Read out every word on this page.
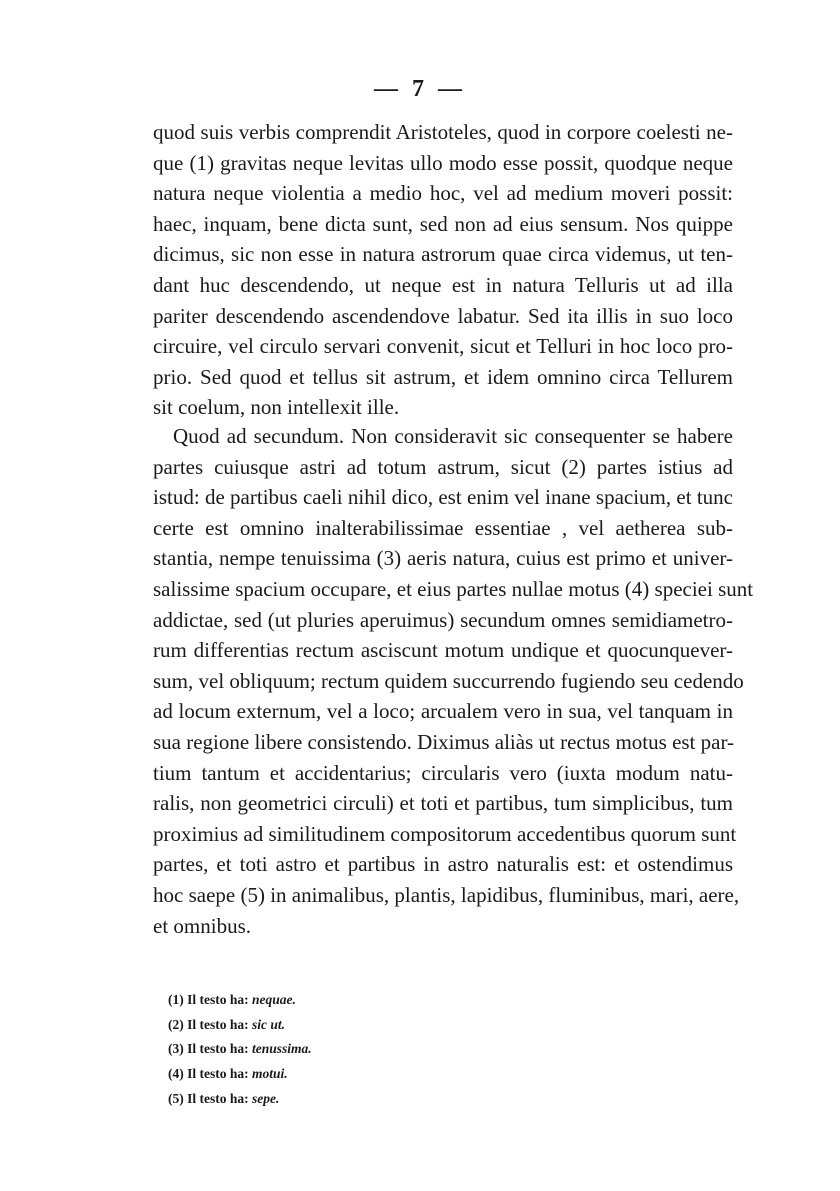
— 7 —
quod suis verbis comprendit Aristoteles, quod in corpore coelesti ne-
que (1) gravitas neque levitas ullo modo esse possit, quodque neque
natura neque violentia a medio hoc, vel ad medium moveri possit:
haec, inquam, bene dicta sunt, sed non ad eius sensum. Nos quippe
dicimus, sic non esse in natura astrorum quae circa videmus, ut ten-
dant huc descendendo, ut neque est in natura Telluris ut ad illa
pariter descendendo ascendendove labatur. Sed ita illis in suo loco
circuire, vel circulo servari convenit, sicut et Telluri in hoc loco pro-
prio. Sed quod et tellus sit astrum, et idem omnino circa Tellurem
sit coelum, non intellexit ille.
Quod ad secundum. Non consideravit sic consequenter se habere
partes cuiusque astri ad totum astrum, sicut (2) partes istius ad
istud: de partibus caeli nihil dico, est enim vel inane spacium, et tunc
certe est omnino inalterabilissimae essentiae , vel aetherea sub-
stantia, nempe tenuissima (3) aeris natura, cuius est primo et univer-
salissime spacium occupare, et eius partes nullae motus (4) speciei sunt
addictae, sed (ut pluries aperuimus) secundum omnes semidiametro-
rum differentias rectum asciscunt motum undique et quocunquever-
sum, vel obliquum; rectum quidem succurrendo fugiendo seu cedendo
ad locum externum, vel a loco; arcualem vero in sua, vel tanquam in
sua regione libere consistendo. Diximus aliàs ut rectus motus est par-
tium tantum et accidentarius; circularis vero (iuxta modum natu-
ralis, non geometrici circuli) et toti et partibus, tum simplicibus, tum
proximius ad similitudinem compositorum accedentibus quorum sunt
partes, et toti astro et partibus in astro naturalis est: et ostendimus
hoc saepe (5) in animalibus, plantis, lapidibus, fluminibus, mari, aere,
et omnibus.
(1) Il testo ha: nequae.
(2) Il testo ha: sic ut.
(3) Il testo ha: tenussima.
(4) Il testo ha: motui.
(5) Il testo ha: sepe.
